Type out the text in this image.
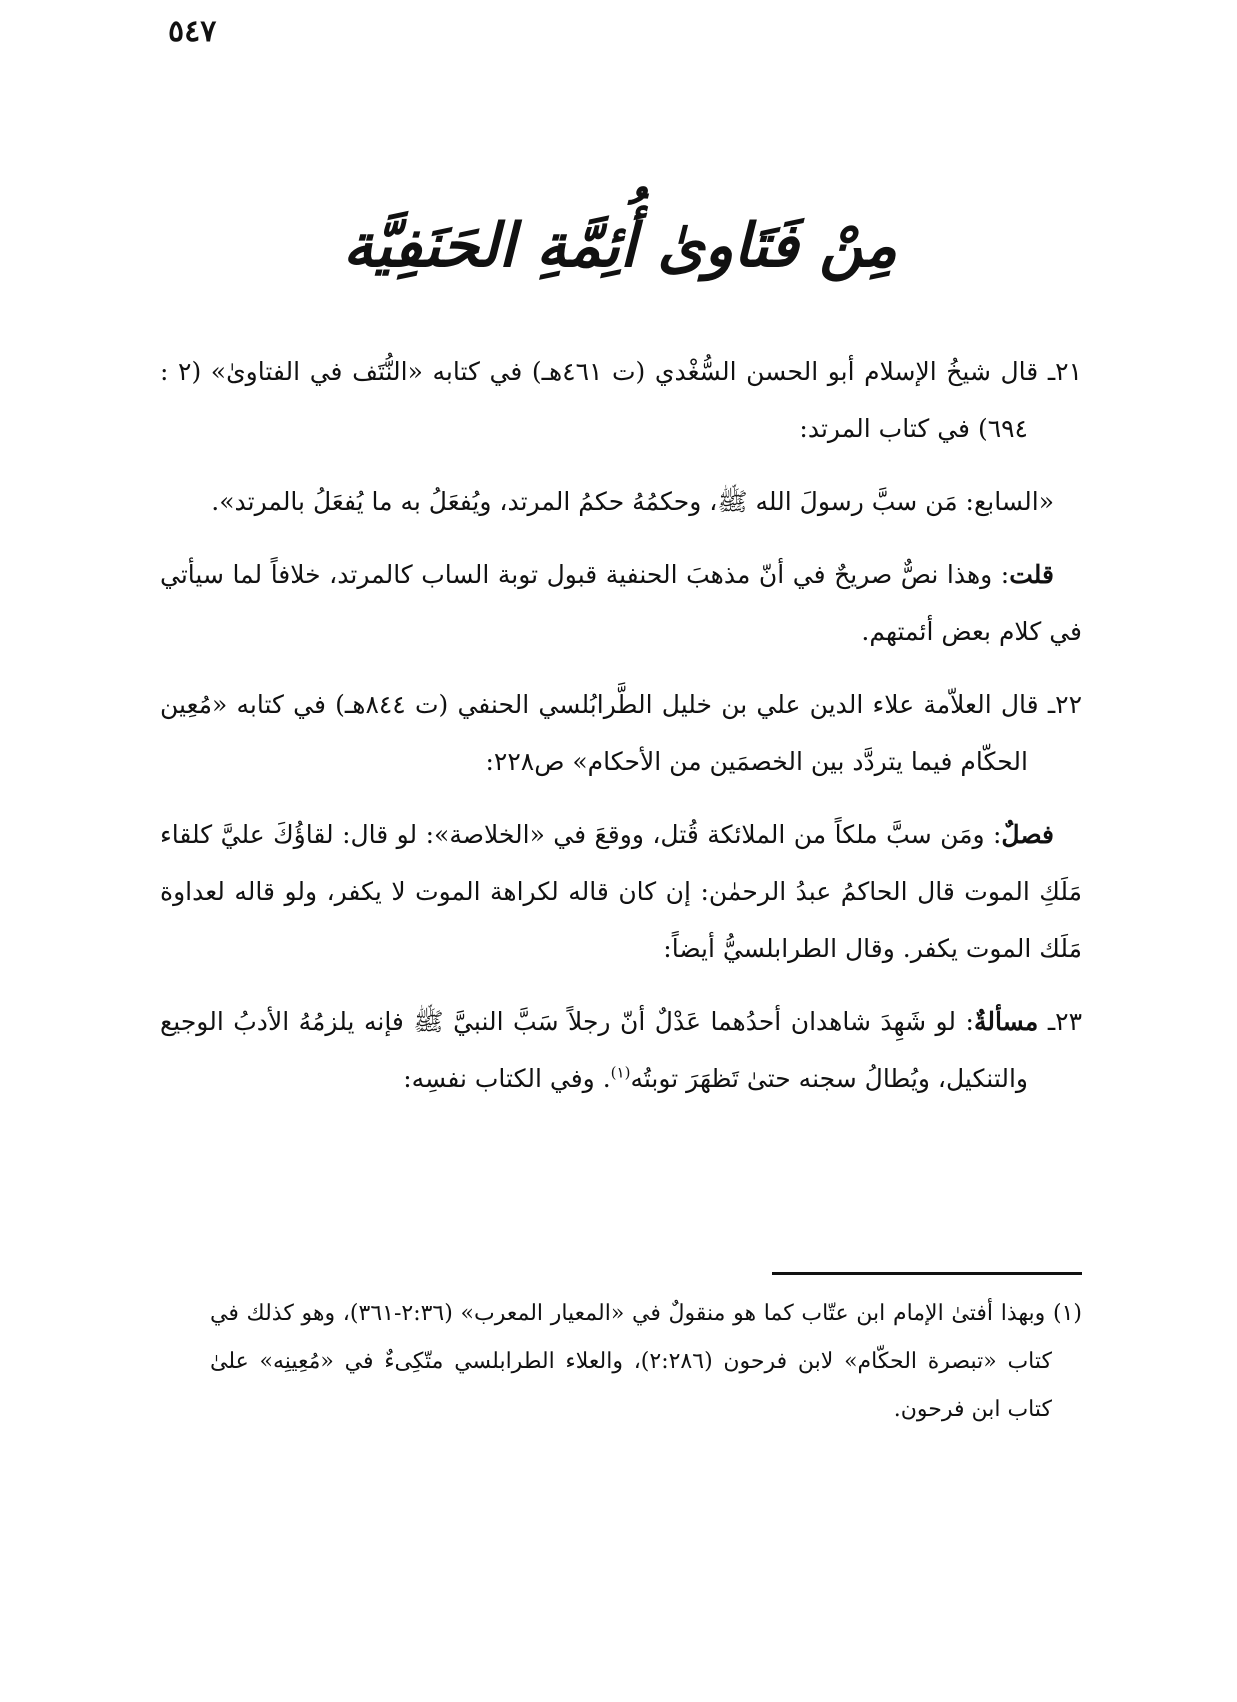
٥٤٧
مِنْ فَتَاوىٰ أُئِمَّةِ الحَنَفِيَّة

٢١ـ قال شيخُ الإسلام أبو الحسن السُّغْدي (ت ٤٦١هـ) في كتابه «النُّتَف في الفتاوىٰ» (٢ : ٦٩٤) في كتاب المرتد:

«السابع: مَن سبَّ رسولَ الله ﷺ، وحكمُهُ حكمُ المرتد، ويُفعَلُ به ما يُفعَلُ بالمرتد».

قلت: وهذا نصٌّ صريحٌ في أنّ مذهبَ الحنفية قبول توبة الساب كالمرتد، خلافاً لما سيأتي في كلام بعض أئمتهم.

٢٢ـ قال العلاّمة علاء الدين علي بن خليل الطَّرابُلسي الحنفي (ت ٨٤٤هـ) في كتابه «مُعِين الحكّام فيما يتردَّد بين الخصمَين من الأحكام» ص٢٢٨:

فصلٌ: ومَن سبَّ ملكاً من الملائكة قُتل، ووقعَ في «الخلاصة»: لو قال: لقاؤُكَ عليَّ كلقاء مَلَكِ الموت قال الحاكمُ عبدُ الرحمٰن: إن كان قاله لكراهة الموت لا يكفر، ولو قاله لعداوة مَلَك الموت يكفر. وقال الطرابلسيُّ أيضاً:

٢٣ـ مسألةٌ: لو شَهِدَ شاهدان أحدُهما عَدْلٌ أنّ رجلاً سَبَّ النبيَّ ﷺ فإنه يلزمُهُ الأدبُ الوجيع والتنكيل، ويُطالُ سجنه حتىٰ تَظهَرَ توبتُه$^{(١)}$. وفي الكتاب نفسِه:

(١) وبهذا أفتىٰ الإمام ابن عتّاب كما هو منقولٌ في «المعيار المعرب» (٢:٣٦-٣٦١)، وهو كذلك في كتاب «تبصرة الحكّام» لابن فرحون (٢:٢٨٦)، والعلاء الطرابلسي متّكِىءٌ في «مُعِينِه» علىٰ كتاب ابن فرحون.
